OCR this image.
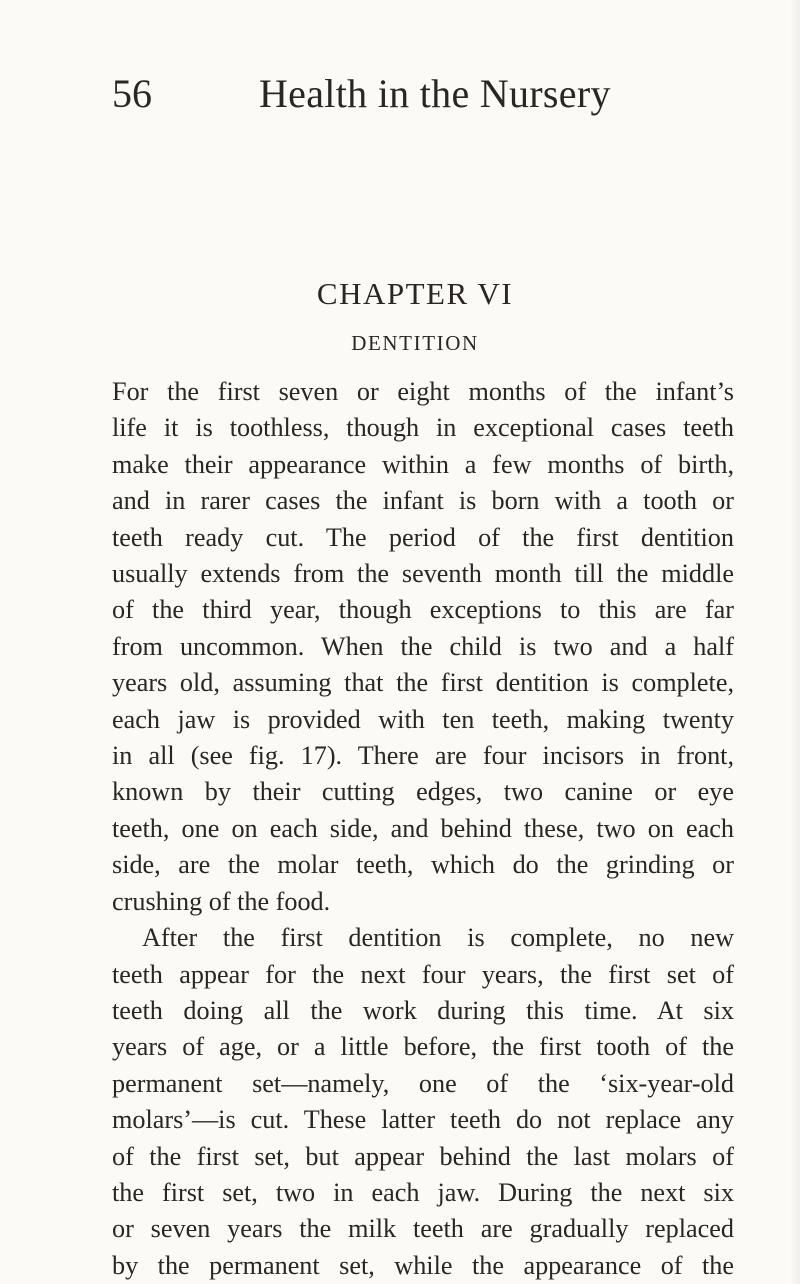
56	Health in the Nursery
CHAPTER VI
DENTITION
For the first seven or eight months of the infant’s
life it is toothless, though in exceptional cases teeth
make their appearance within a few months of birth,
and in rarer cases the infant is born with a tooth or
teeth ready cut. The period of the first dentition
usually extends from the seventh month till the middle
of the third year, though exceptions to this are far
from uncommon. When the child is two and a half
years old, assuming that the first dentition is complete,
each jaw is provided with ten teeth, making twenty
in all (see fig. 17). There are four incisors in front,
known by their cutting edges, two canine or eye
teeth, one on each side, and behind these, two on each
side, are the molar teeth, which do the grinding or
crushing of the food.
After the first dentition is complete, no new
teeth appear for the next four years, the first set of
teeth doing all the work during this time. At six
years of age, or a little before, the first tooth of the
permanent set—namely, one of the ‘six-year-old
molars’—is cut. These latter teeth do not replace any
of the first set, but appear behind the last molars of
the first set, two in each jaw. During the next six
or seven years the milk teeth are gradually replaced
by the permanent set, while the appearance of the
